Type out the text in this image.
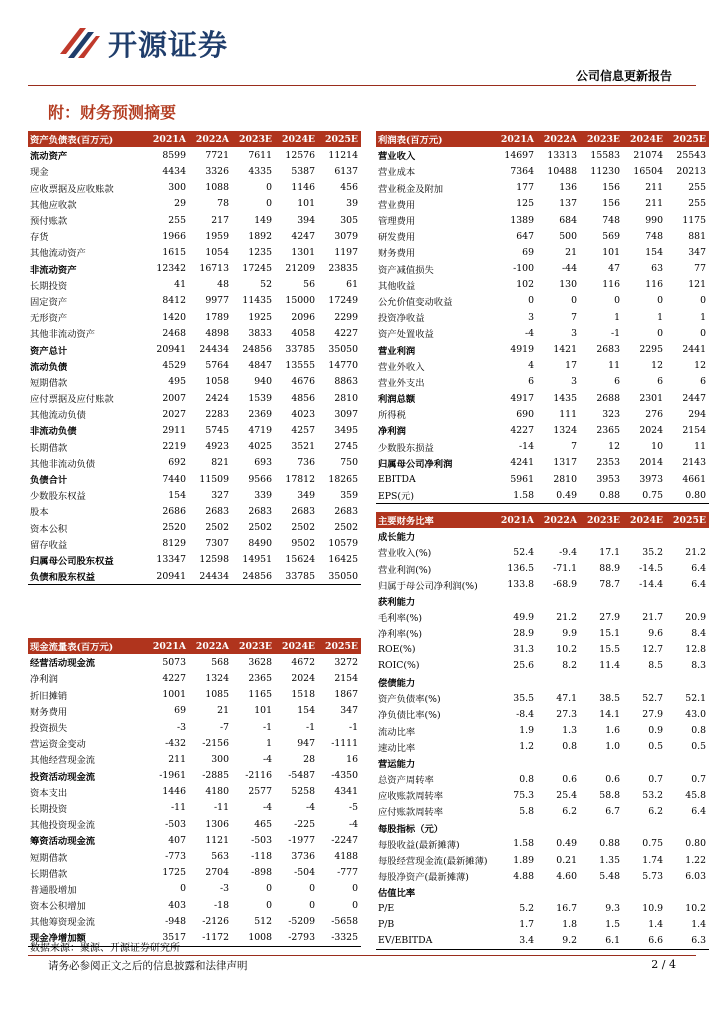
开源证券
公司信息更新报告
附：财务预测摘要
资产负债表(百万元)	2021A	2022A	2023E	2024E	2025E
流动资产	8599	7721	7611	12576	11214
现金	4434	3326	4335	5387	6137
应收票据及应收账款	300	1088	0	1146	456
其他应收款	29	78	0	101	39
预付账款	255	217	149	394	305
存货	1966	1959	1892	4247	3079
其他流动资产	1615	1054	1235	1301	1197
非流动资产	12342	16713	17245	21209	23835
长期投资	41	48	52	56	61
固定资产	8412	9977	11435	15000	17249
无形资产	1420	1789	1925	2096	2299
其他非流动资产	2468	4898	3833	4058	4227
资产总计	20941	24434	24856	33785	35050
流动负债	4529	5764	4847	13555	14770
短期借款	495	1058	940	4676	8863
应付票据及应付账款	2007	2424	1539	4856	2810
其他流动负债	2027	2283	2369	4023	3097
非流动负债	2911	5745	4719	4257	3495
长期借款	2219	4923	4025	3521	2745
其他非流动负债	692	821	693	736	750
负债合计	7440	11509	9566	17812	18265
少数股东权益	154	327	339	349	359
股本	2686	2683	2683	2683	2683
资本公积	2520	2502	2502	2502	2502
留存收益	8129	7307	8490	9502	10579
归属母公司股东权益	13347	12598	14951	15624	16425
负债和股东权益	20941	24434	24856	33785	35050
利润表(百万元)	2021A	2022A	2023E	2024E	2025E
营业收入	14697	13313	15583	21074	25543
营业成本	7364	10488	11230	16504	20213
营业税金及附加	177	136	156	211	255
营业费用	125	137	156	211	255
管理费用	1389	684	748	990	1175
研发费用	647	500	569	748	881
财务费用	69	21	101	154	347
资产减值损失	-100	-44	47	63	77
其他收益	102	130	116	116	121
公允价值变动收益	0	0	0	0	0
投资净收益	3	7	1	1	1
资产处置收益	-4	3	-1	0	0
营业利润	4919	1421	2683	2295	2441
营业外收入	4	17	11	12	12
营业外支出	6	3	6	6	6
利润总额	4917	1435	2688	2301	2447
所得税	690	111	323	276	294
净利润	4227	1324	2365	2024	2154
少数股东损益	-14	7	12	10	11
归属母公司净利润	4241	1317	2353	2014	2143
EBITDA	5961	2810	3953	3973	4661
EPS(元)	1.58	0.49	0.88	0.75	0.80
主要财务比率	2021A	2022A	2023E	2024E	2025E
成长能力					
营业收入(%)	52.4	-9.4	17.1	35.2	21.2
营业利润(%)	136.5	-71.1	88.9	-14.5	6.4
归属于母公司净利润(%)	133.8	-68.9	78.7	-14.4	6.4
获利能力					
毛利率(%)	49.9	21.2	27.9	21.7	20.9
净利率(%)	28.9	9.9	15.1	9.6	8.4
ROE(%)	31.3	10.2	15.5	12.7	12.8
ROIC(%)	25.6	8.2	11.4	8.5	8.3
偿债能力					
资产负债率(%)	35.5	47.1	38.5	52.7	52.1
净负债比率(%)	-8.4	27.3	14.1	27.9	43.0
流动比率	1.9	1.3	1.6	0.9	0.8
速动比率	1.2	0.8	1.0	0.5	0.5
营运能力					
总资产周转率	0.8	0.6	0.6	0.7	0.7
应收账款周转率	75.3	25.4	58.8	53.2	45.8
应付账款周转率	5.8	6.2	6.7	6.2	6.4
每股指标（元）					
每股收益(最新摊薄)	1.58	0.49	0.88	0.75	0.80
每股经营现金流(最新摊薄)	1.89	0.21	1.35	1.74	1.22
每股净资产(最新摊薄)	4.88	4.60	5.48	5.73	6.03
估值比率					
P/E	5.2	16.7	9.3	10.9	10.2
P/B	1.7	1.8	1.5	1.4	1.4
EV/EBITDA	3.4	9.2	6.1	6.6	6.3
现金流量表(百万元)	2021A	2022A	2023E	2024E	2025E
经营活动现金流	5073	568	3628	4672	3272
净利润	4227	1324	2365	2024	2154
折旧摊销	1001	1085	1165	1518	1867
财务费用	69	21	101	154	347
投资损失	-3	-7	-1	-1	-1
营运资金变动	-432	-2156	1	947	-1111
其他经营现金流	211	300	-4	28	16
投资活动现金流	-1961	-2885	-2116	-5487	-4350
资本支出	1446	4180	2577	5258	4341
长期投资	-11	-11	-4	-4	-5
其他投资现金流	-503	1306	465	-225	-4
筹资活动现金流	407	1121	-503	-1977	-2247
短期借款	-773	563	-118	3736	4188
长期借款	1725	2704	-898	-504	-777
普通股增加	0	-3	0	0	0
资本公积增加	403	-18	0	0	0
其他筹资现金流	-948	-2126	512	-5209	-5658
现金净增加额	3517	-1172	1008	-2793	-3325
数据来源：聚源、开源证券研究所
请务必参阅正文之后的信息披露和法律声明	2 / 4
